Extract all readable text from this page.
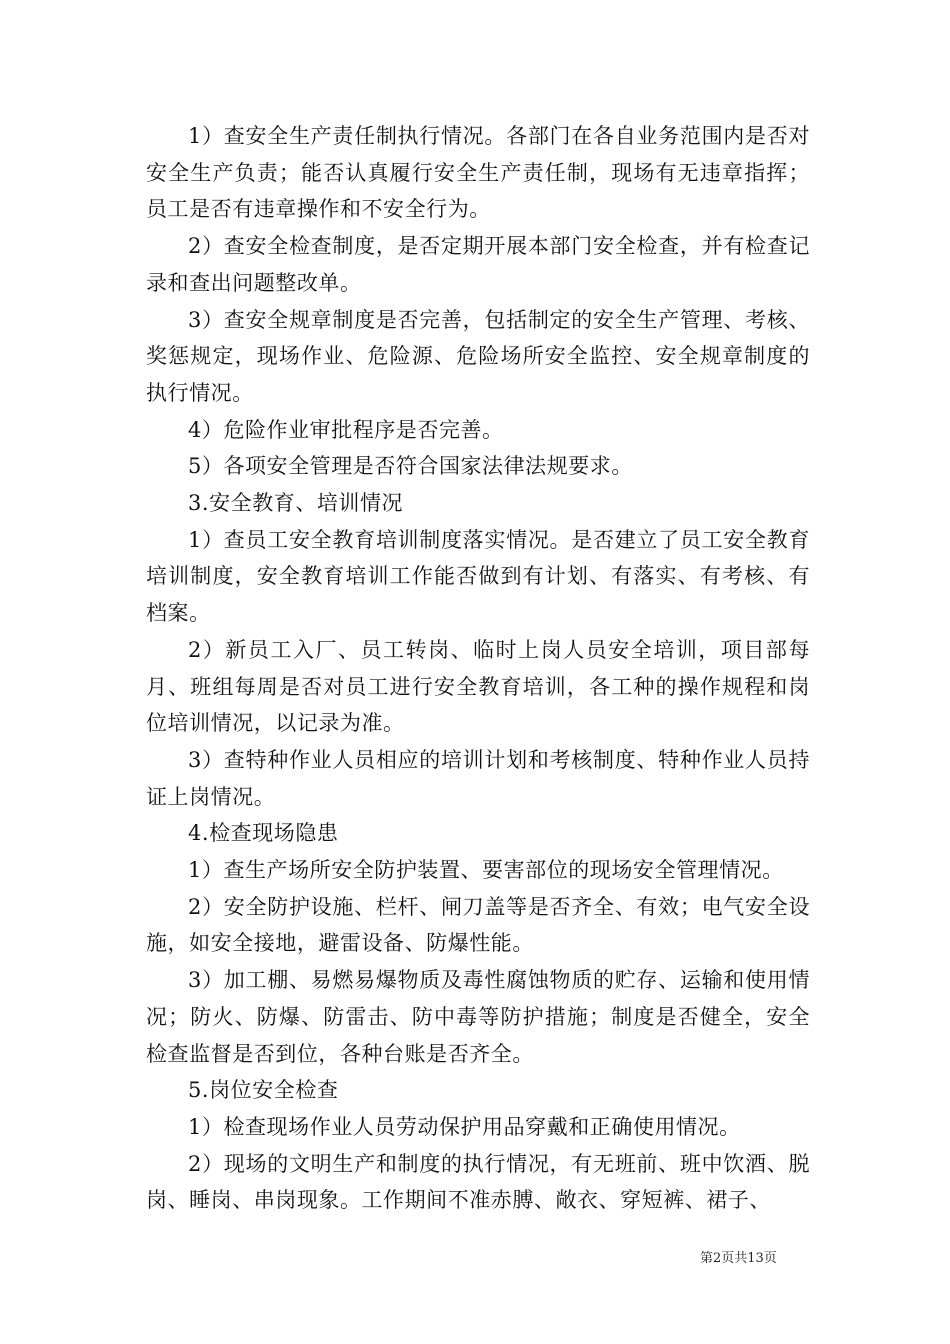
1）查安全生产责任制执行情况。各部门在各自业务范围内是否对安全生产负责；能否认真履行安全生产责任制，现场有无违章指挥；员工是否有违章操作和不安全行为。

2）查安全检查制度，是否定期开展本部门安全检查，并有检查记录和查出问题整改单。

3）查安全规章制度是否完善，包括制定的安全生产管理、考核、奖惩规定，现场作业、危险源、危险场所安全监控、安全规章制度的执行情况。

4）危险作业审批程序是否完善。

5）各项安全管理是否符合国家法律法规要求。

3.安全教育、培训情况

1）查员工安全教育培训制度落实情况。是否建立了员工安全教育培训制度，安全教育培训工作能否做到有计划、有落实、有考核、有档案。

2）新员工入厂、员工转岗、临时上岗人员安全培训，项目部每月、班组每周是否对员工进行安全教育培训，各工种的操作规程和岗位培训情况，以记录为准。

3）查特种作业人员相应的培训计划和考核制度、特种作业人员持证上岗情况。

4.检查现场隐患

1）查生产场所安全防护装置、要害部位的现场安全管理情况。

2）安全防护设施、栏杆、闸刀盖等是否齐全、有效；电气安全设施，如安全接地，避雷设备、防爆性能。

3）加工棚、易燃易爆物质及毒性腐蚀物质的贮存、运输和使用情况；防火、防爆、防雷击、防中毒等防护措施；制度是否健全，安全检查监督是否到位，各种台账是否齐全。

5.岗位安全检查

1）检查现场作业人员劳动保护用品穿戴和正确使用情况。

2）现场的文明生产和制度的执行情况，有无班前、班中饮酒、脱岗、睡岗、串岗现象。工作期间不准赤膊、敞衣、穿短裤、裙子、

第2页共13页
